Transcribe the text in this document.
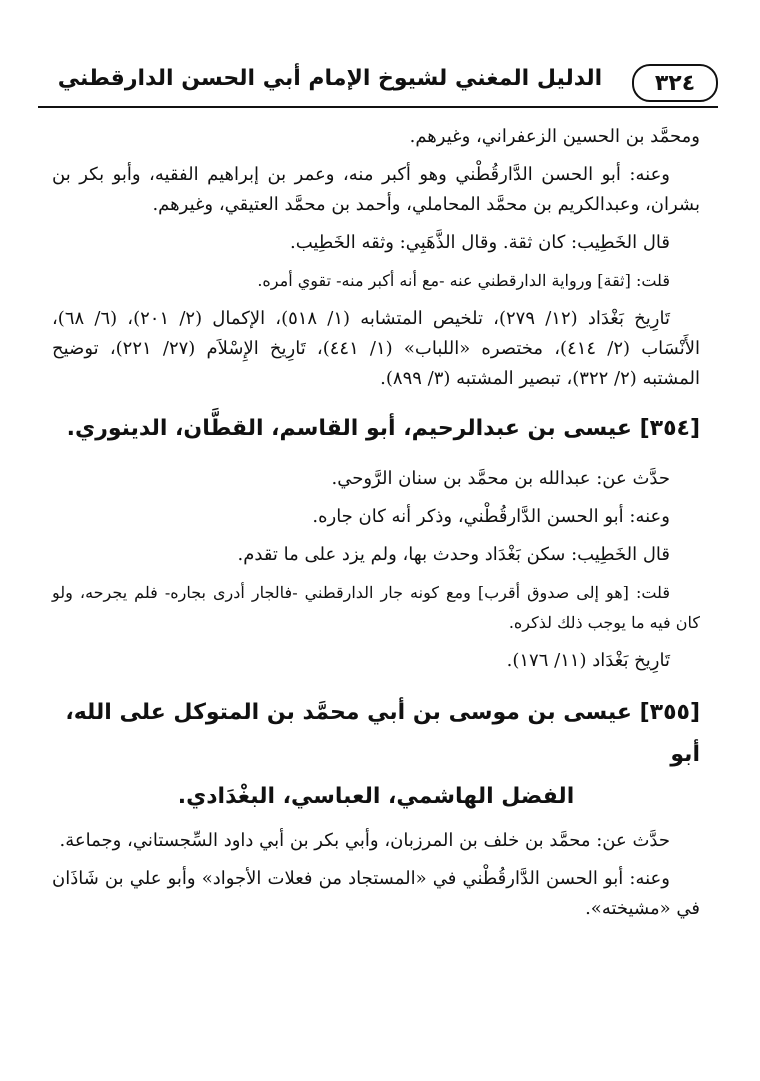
٣٢٤
الدليل المغني لشيوخ الإمام أبي الحسن الدارقطني

ومحمَّد بن الحسين الزعفراني، وغيرهم.

وعنه: أبو الحسن الدَّارقُطْني وهو أكبر منه، وعمر بن إبراهيم الفقيه، وأبو بكر بن بشران، وعبدالكريم بن محمَّد المحاملي، وأحمد بن محمَّد العتيقي، وغيرهم.

قال الخَطِيب: كان ثقة. وقال الذَّهَبِي: وثقه الخَطِيب.

قلت: [ثقة] ورواية الدارقطني عنه -مع أنه أكبر منه- تقوي أمره.

تَارِيخ بَغْدَاد (١٢/ ٢٧٩)، تلخيص المتشابه (١/ ٥١٨)، الإكمال (٢/ ٢٠١)، (٦/ ٦٨)، الأَنْسَاب (٢/ ٤١٤)، مختصره «اللباب» (١/ ٤٤١)، تَارِيخ الإِسْلاَم (٢٧/ ٢٢١)، توضيح المشتبه (٢/ ٣٢٢)، تبصير المشتبه (٣/ ٨٩٩).

[٣٥٤] عيسى بن عبدالرحيم، أبو القاسم، القطَّان، الدينوري.

حدَّث عن: عبدالله بن محمَّد بن سنان الرَّوحي.

وعنه: أبو الحسن الدَّارقُطْني، وذكر أنه كان جاره.

قال الخَطِيب: سكن بَغْدَاد وحدث بها، ولم يزد على ما تقدم.

قلت: [هو إلى صدوق أقرب] ومع كونه جار الدارقطني -فالجار أدرى بجاره- فلم يجرحه، ولو كان فيه ما يوجب ذلك لذكره.

تَارِيخ بَغْدَاد (١١/ ١٧٦).

[٣٥٥] عيسى بن موسى بن أبي محمَّد بن المتوكل على الله، أبو

الفضل الهاشمي، العباسي، البغْدَادي.

حدَّث عن: محمَّد بن خلف بن المرزبان، وأبي بكر بن أبي داود السِّجستاني، وجماعة.

وعنه: أبو الحسن الدَّارقُطْني في «المستجاد من فعلات الأجواد» وأبو علي بن شَاذَان في «مشيخته».
